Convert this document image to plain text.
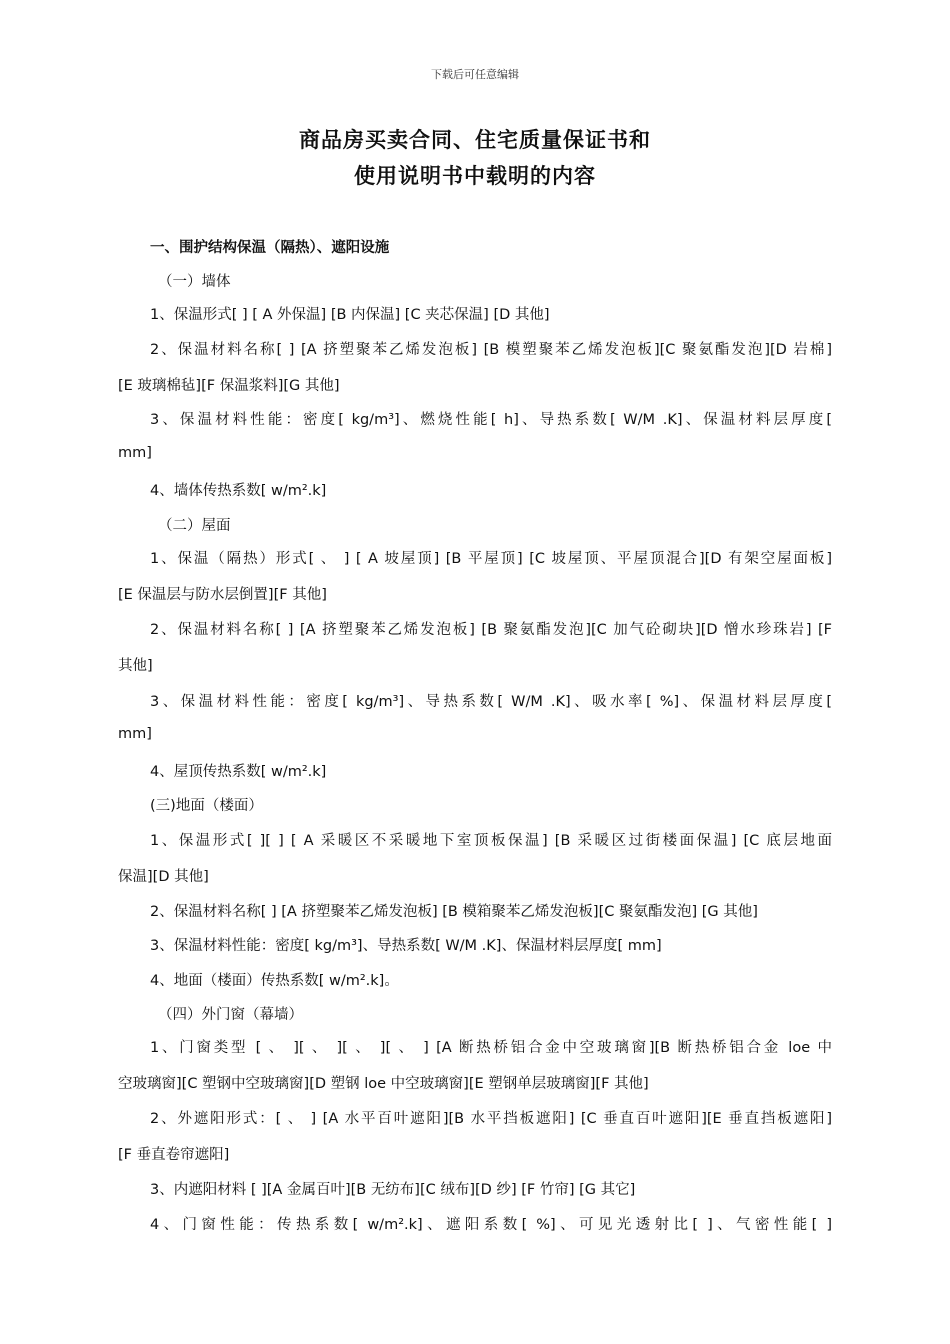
下载后可任意编辑
商品房买卖合同、住宅质量保证书和
使用说明书中载明的内容
一、围护结构保温（隔热）、遮阳设施
（一）墙体
1、保温形式[ ] [ A 外保温] [B 内保温] [C 夹芯保温] [D 其他]
2、保温材料名称[ ] [A 挤塑聚苯乙烯发泡板] [B 模塑聚苯乙烯发泡板][C 聚氨酯发泡][D 岩棉]
[E 玻璃棉毡][F 保温浆料][G 其他]
3、保温材料性能：密度[ kg/m³]、燃烧性能[ h]、导热系数[ W/M .K]、保温材料层厚度[
mm]
4、墙体传热系数[ w/m².k]
（二）屋面
1、保温（隔热）形式[ 、 ] [ A 坡屋顶] [B 平屋顶] [C 坡屋顶、平屋顶混合][D 有架空屋面板]
[E 保温层与防水层倒置][F 其他]
2、保温材料名称[ ] [A 挤塑聚苯乙烯发泡板] [B 聚氨酯发泡][C 加气砼砌块][D 憎水珍珠岩] [F
其他]
3、保温材料性能：密度[ kg/m³]、导热系数[ W/M .K]、吸水率[ %]、保温材料层厚度[
mm]
4、屋顶传热系数[ w/m².k]
(三)地面（楼面）
1、保温形式[ ][ ] [ A 采暖区不采暖地下室顶板保温] [B 采暖区过街楼面保温] [C 底层地面
保温][D 其他]
2、保温材料名称[ ] [A 挤塑聚苯乙烯发泡板] [B 模箱聚苯乙烯发泡板][C 聚氨酯发泡] [G 其他]
3、保温材料性能：密度[ kg/m³]、导热系数[ W/M .K]、保温材料层厚度[ mm]
4、地面（楼面）传热系数[ w/m².k]。
（四）外门窗（幕墙）
1、门窗类型 [ 、 ][ 、 ][ 、 ][ 、 ] [A 断热桥铝合金中空玻璃窗][B 断热桥铝合金 loe 中
空玻璃窗][C 塑钢中空玻璃窗][D 塑钢 loe 中空玻璃窗][E 塑钢单层玻璃窗][F 其他]
2、外遮阳形式：[ 、 ] [A 水平百叶遮阳][B 水平挡板遮阳] [C 垂直百叶遮阳][E 垂直挡板遮阳]
[F 垂直卷帘遮阳]
3、内遮阳材料 [ ][A 金属百叶][B 无纺布][C 绒布][D 纱] [F 竹帘] [G 其它]
4、门窗性能：传热系数[ w/m².k]、遮阳系数[ %]、可见光透射比[ ]、气密性能[ ]
